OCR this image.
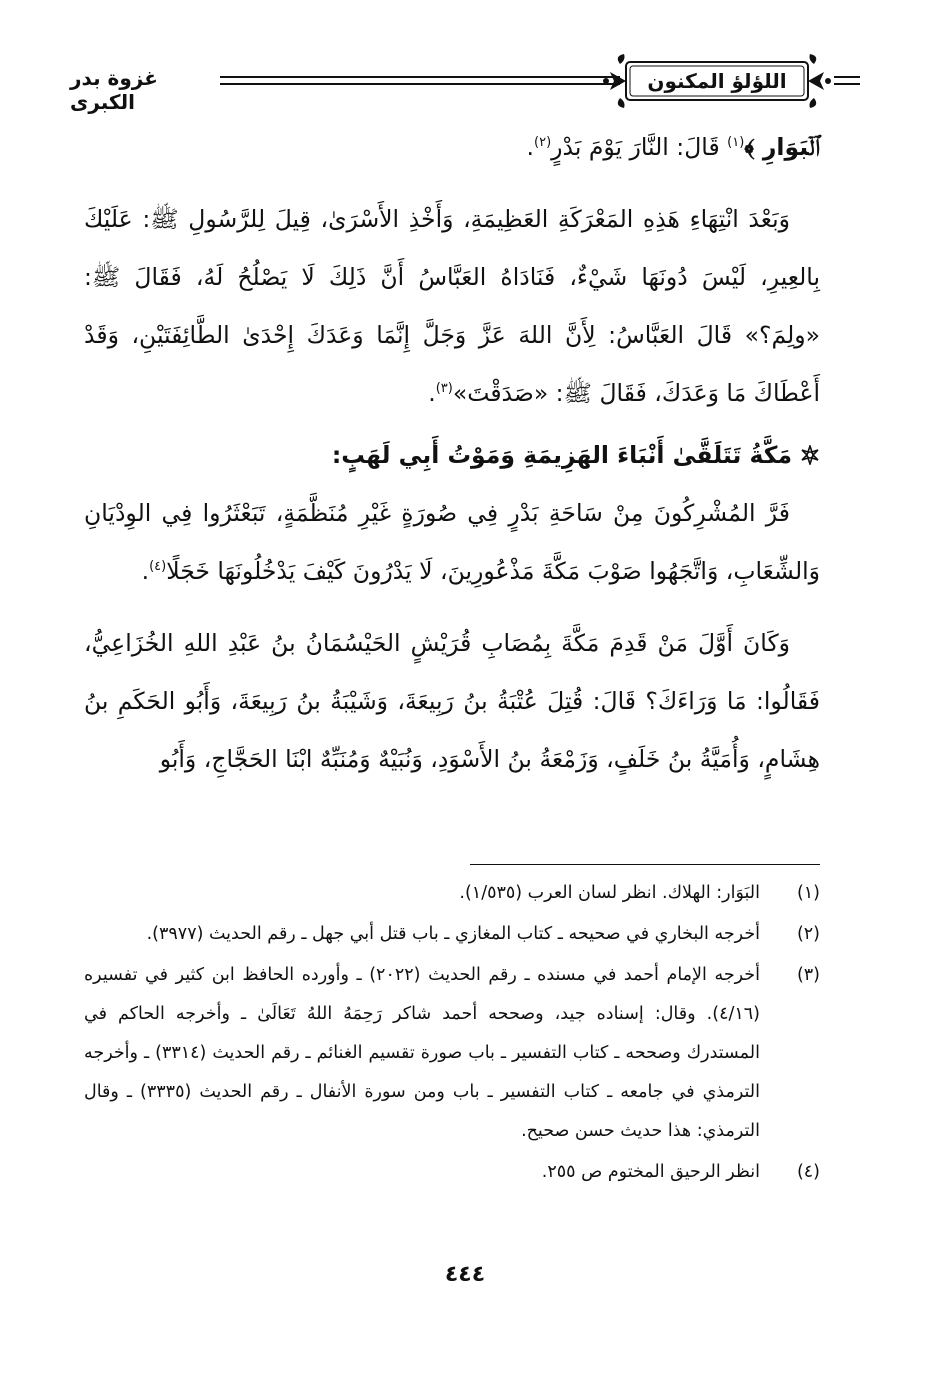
اللؤلؤ المكنون
غزوة بدر الكبرى

ﭐﻟۡﺒَﻮَﺍﺭِ ﴾$^{(١)}$ قَالَ: النَّارَ يَوْمَ بَدْرٍ$^{(٢)}$.

وَبَعْدَ انْتِهَاءِ هَذِهِ المَعْرَكَةِ العَظِيمَةِ، وَأَخْذِ الأَسْرَىٰ، قِيلَ لِلرَّسُولِ ﷺ: عَلَيْكَ بِالعِيرِ، لَيْسَ دُونَهَا شَيْءٌ، فَنَادَاهُ العَبَّاسُ أَنَّ ذَلِكَ لَا يَصْلُحُ لَهُ، فَقَالَ ﷺ: «ولِمَ؟» قَالَ العَبَّاسُ: لِأَنَّ اللهَ عَزَّ وَجَلَّ إِنَّمَا وَعَدَكَ إِحْدَىٰ الطَّائِفَتَيْنِ، وَقَدْ أَعْطَاكَ مَا وَعَدَكَ، فَقَالَ ﷺ: «صَدَقْتَ»$^{(٣)}$.

مَكَّةُ تَتَلَقَّىٰ أَنْبَاءَ الهَزِيمَةِ وَمَوْتُ أَبِي لَهَبٍ:

فَرَّ المُشْرِكُونَ مِنْ سَاحَةِ بَدْرٍ فِي صُورَةٍ غَيْرِ مُنَظَّمَةٍ، تَبَعْثَرُوا فِي الوِدْيَانِ وَالشِّعَابِ، وَاتَّجَهُوا صَوْبَ مَكَّةَ مَذْعُورِينَ، لَا يَدْرُونَ كَيْفَ يَدْخُلُونَهَا خَجَلًا$^{(٤)}$.

وَكَانَ أَوَّلَ مَنْ قَدِمَ مَكَّةَ بِمُصَابِ قُرَيْشٍ الحَيْسُمَانُ بنُ عَبْدِ اللهِ الخُزَاعِيُّ، فَقَالُوا: مَا وَرَاءَكَ؟ قَالَ: قُتِلَ عُتْبَةُ بنُ رَبِيعَةَ، وَشَيْبَةُ بنُ رَبِيعَةَ، وَأَبُو الحَكَمِ بنُ هِشَامٍ، وَأُمَيَّةُ بنُ خَلَفٍ، وَزَمْعَةُ بنُ الأَسْوَدِ، وَنُبَيْهٌ وَمُنَبِّهٌ ابْنَا الحَجَّاجِ، وَأَبُو

(١)
البَوَار: الهلاك. انظر لسان العرب (١/٥٣٥).
(٢)
أخرجه البخاري في صحيحه ـ كتاب المغازي ـ باب قتل أبي جهل ـ رقم الحديث (٣٩٧٧).
(٣)
أخرجه الإمام أحمد في مسنده ـ رقم الحديث (٢٠٢٢) ـ وأورده الحافظ ابن كثير في تفسيره (٤/١٦). وقال: إسناده جيد، وصححه أحمد شاكر رَحِمَهُ اللهُ تَعَالَىٰ ـ وأخرجه الحاكم في المستدرك وصححه ـ كتاب التفسير ـ باب صورة تقسيم الغنائم ـ رقم الحديث (٣٣١٤) ـ وأخرجه الترمذي في جامعه ـ كتاب التفسير ـ باب ومن سورة الأنفال ـ رقم الحديث (٣٣٣٥) ـ وقال الترمذي: هذا حديث حسن صحيح.
(٤)
انظر الرحيق المختوم ص ٢٥٥.
٤٤٤
